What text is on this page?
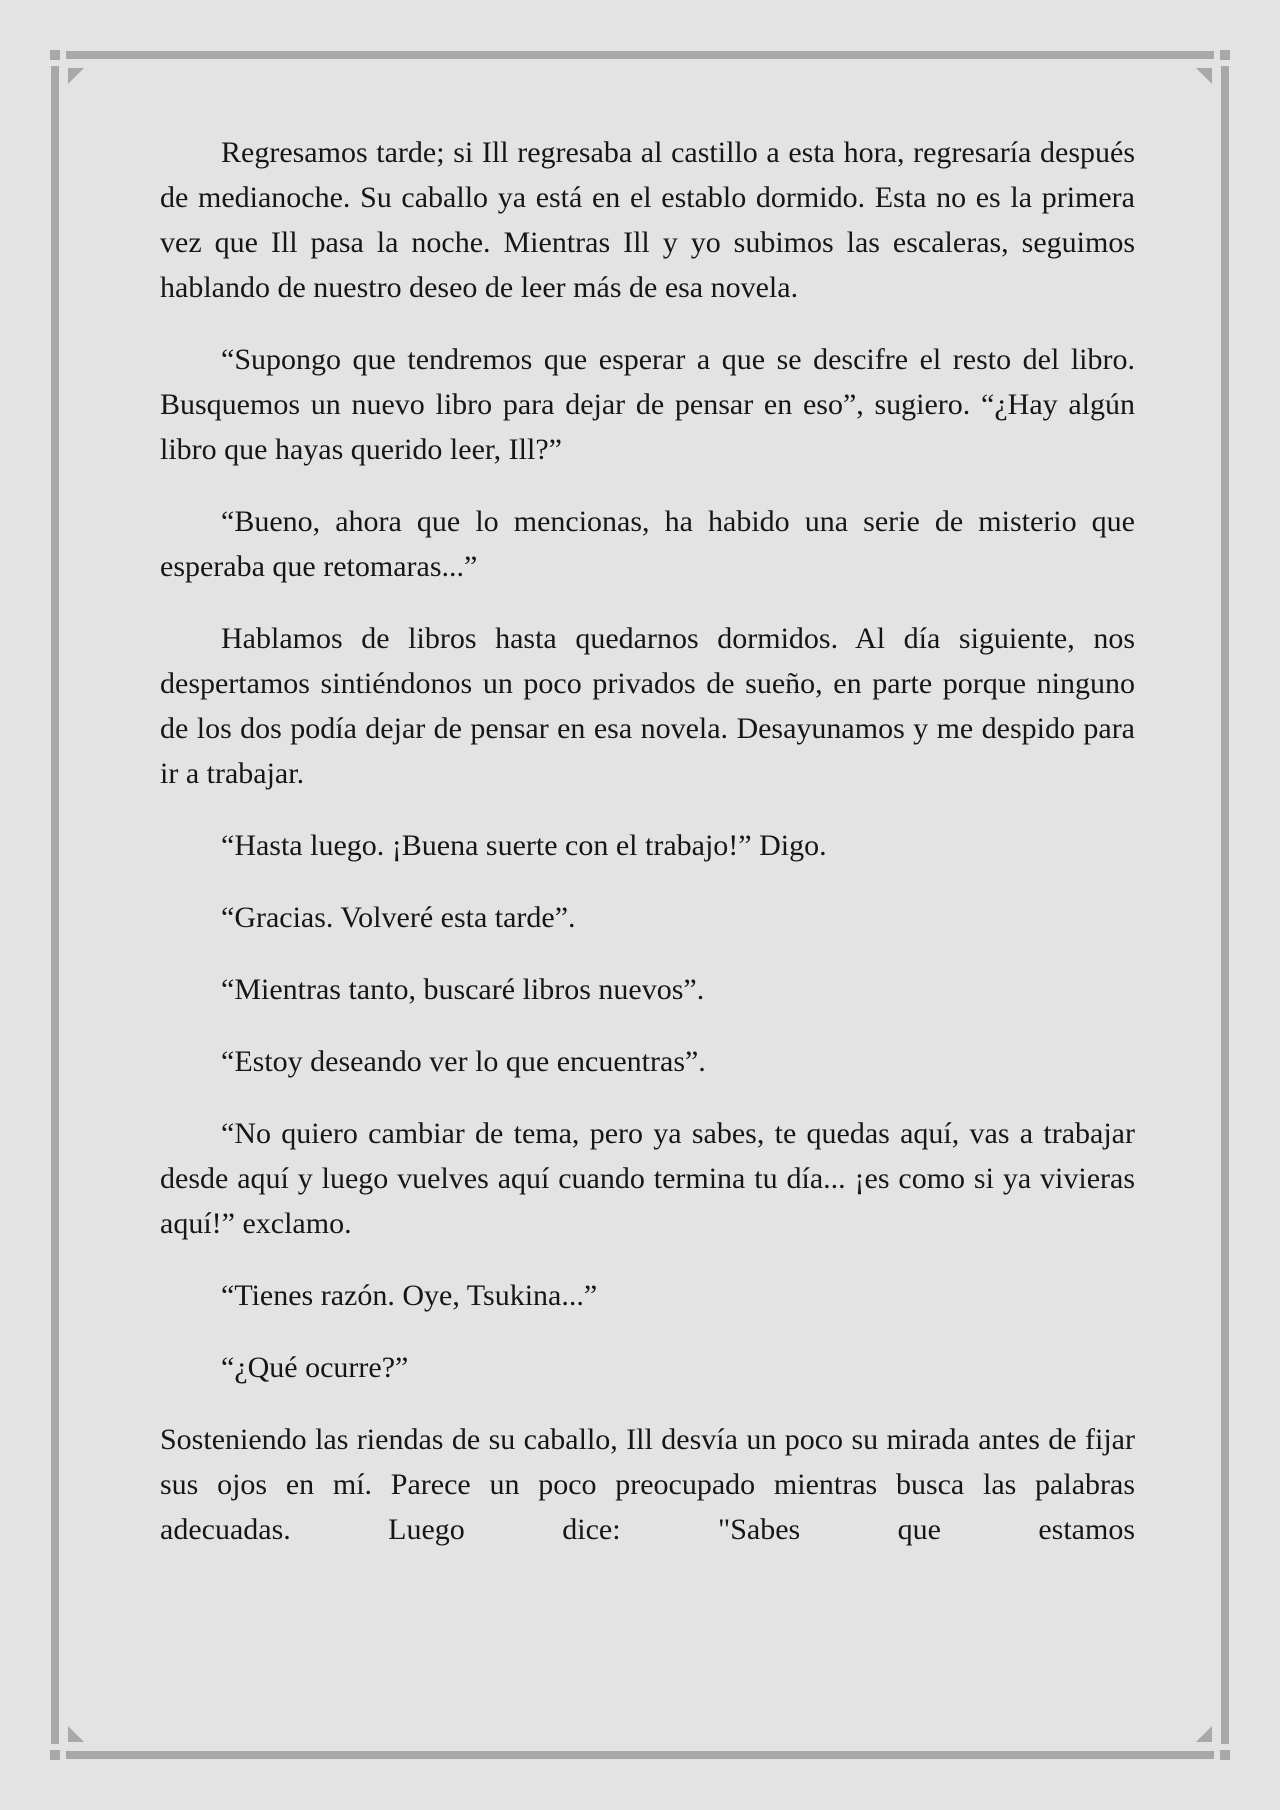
Regresamos tarde; si Ill regresaba al castillo a esta hora, regresaría después de medianoche. Su caballo ya está en el establo dormido. Esta no es la primera vez que Ill pasa la noche. Mientras Ill y yo subimos las escaleras, seguimos hablando de nuestro deseo de leer más de esa novela.

“Supongo que tendremos que esperar a que se descifre el resto del libro. Busquemos un nuevo libro para dejar de pensar en eso”, sugiero. “¿Hay algún libro que hayas querido leer, Ill?”

“Bueno, ahora que lo mencionas, ha habido una serie de misterio que esperaba que retomaras...”

Hablamos de libros hasta quedarnos dormidos. Al día siguiente, nos despertamos sintiéndonos un poco privados de sueño, en parte porque ninguno de los dos podía dejar de pensar en esa novela. Desayunamos y me despido para ir a trabajar.

“Hasta luego. ¡Buena suerte con el trabajo!” Digo.

“Gracias. Volveré esta tarde”.

“Mientras tanto, buscaré libros nuevos”.

“Estoy deseando ver lo que encuentras”.

“No quiero cambiar de tema, pero ya sabes, te quedas aquí, vas a trabajar desde aquí y luego vuelves aquí cuando termina tu día... ¡es como si ya vivieras aquí!” exclamo.

“Tienes razón. Oye, Tsukina...”

“¿Qué ocurre?”

Sosteniendo las riendas de su caballo, Ill desvía un poco su mirada antes de fijar sus ojos en mí. Parece un poco preocupado mientras busca las palabras adecuadas. Luego dice: "Sabes que estamos
